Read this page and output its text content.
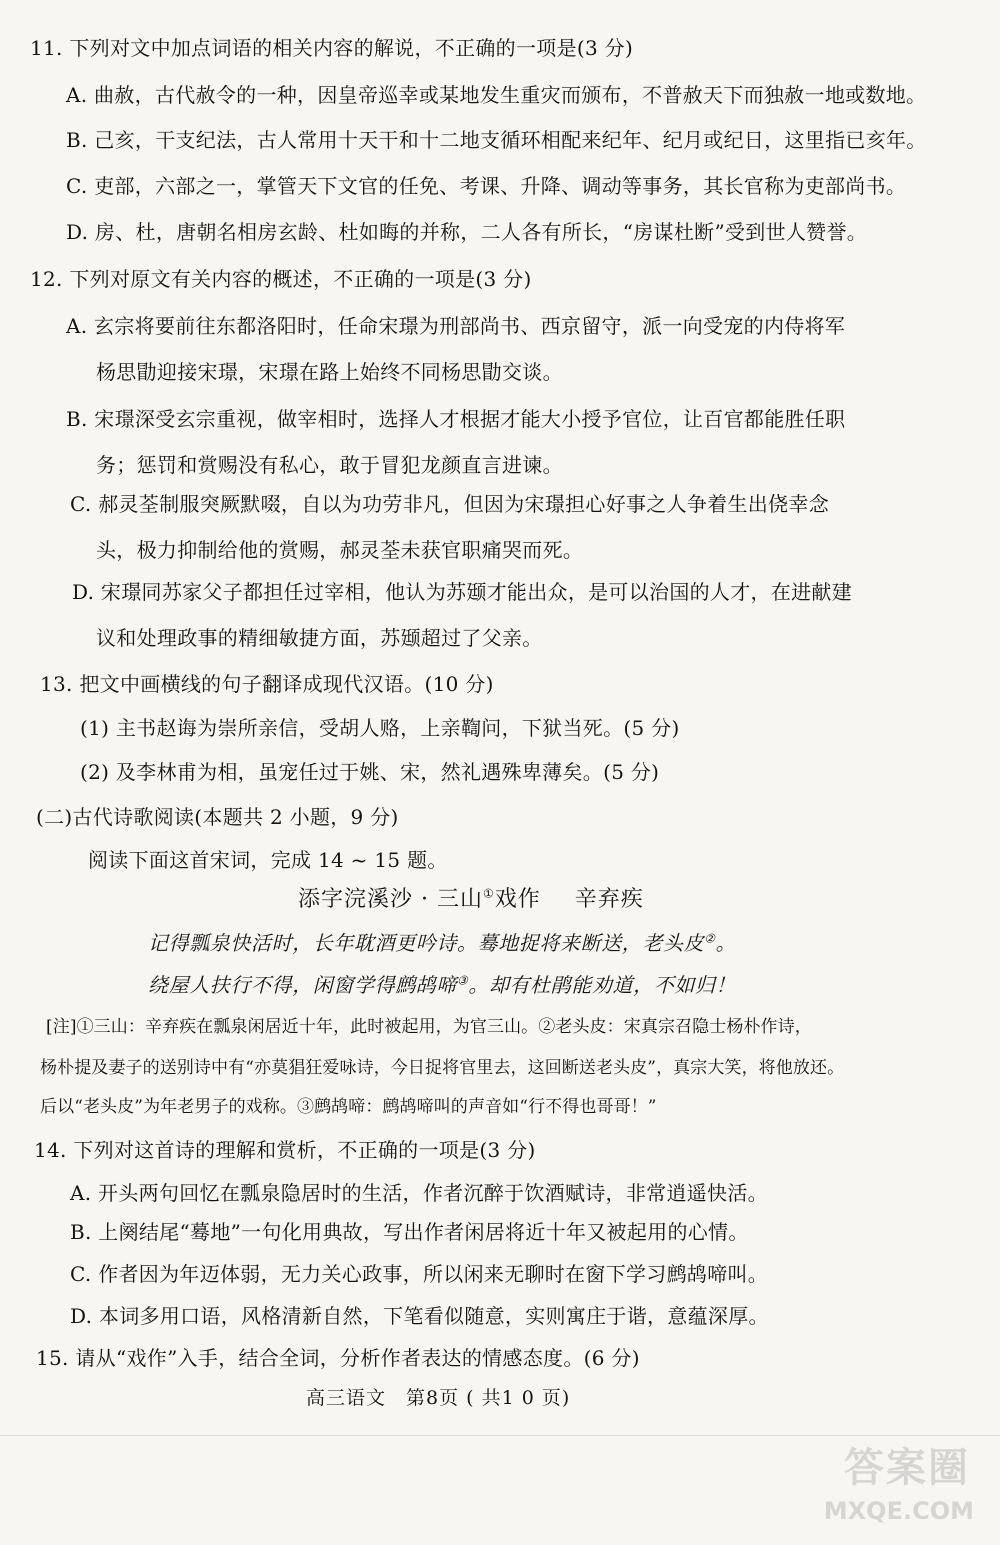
11. 下列对文中加点词语的相关内容的解说，不正确的一项是(3 分)

A. 曲赦，古代赦令的一种，因皇帝巡幸或某地发生重灾而颁布，不普赦天下而独赦一地或数地。

B. 己亥，干支纪法，古人常用十天干和十二地支循环相配来纪年、纪月或纪日，这里指已亥年。

C. 吏部，六部之一，掌管天下文官的任免、考课、升降、调动等事务，其长官称为吏部尚书。

D. 房、杜，唐朝名相房玄龄、杜如晦的并称，二人各有所长，“房谋杜断”受到世人赞誉。

12. 下列对原文有关内容的概述，不正确的一项是(3 分)

A. 玄宗将要前往东都洛阳时，任命宋璟为刑部尚书、西京留守，派一向受宠的内侍将军

杨思勖迎接宋璟，宋璟在路上始终不同杨思勖交谈。

B. 宋璟深受玄宗重视，做宰相时，选择人才根据才能大小授予官位，让百官都能胜任职

务；惩罚和赏赐没有私心，敢于冒犯龙颜直言进谏。

C. 郝灵荃制服突厥默啜，自以为功劳非凡，但因为宋璟担心好事之人争着生出侥幸念

头，极力抑制给他的赏赐，郝灵荃未获官职痛哭而死。

D. 宋璟同苏家父子都担任过宰相，他认为苏颋才能出众，是可以治国的人才，在进献建

议和处理政事的精细敏捷方面，苏颋超过了父亲。

13. 把文中画横线的句子翻译成现代汉语。(10 分)

(1) 主书赵诲为崇所亲信，受胡人赂，上亲鞫问，下狱当死。(5 分)

(2) 及李林甫为相，虽宠任过于姚、宋，然礼遇殊卑薄矣。(5 分)

(二)古代诗歌阅读(本题共 2 小题，9 分)

阅读下面这首宋词，完成 14 ~ 15 题。

添字浣溪沙 · 三山①戏作 辛弃疾

记得瓢泉快活时，长年耽酒更吟诗。蓦地捉将来断送，老头皮②。

绕屋人扶行不得，闲窗学得鹧鸪啼③。却有杜鹃能劝道，不如归！

[注]①三山：辛弃疾在瓢泉闲居近十年，此时被起用，为官三山。②老头皮：宋真宗召隐士杨朴作诗，

杨朴提及妻子的送别诗中有“亦莫猖狂爱咏诗，今日捉将官里去，这回断送老头皮”，真宗大笑，将他放还。

后以“老头皮”为年老男子的戏称。③鹧鸪啼：鹧鸪啼叫的声音如“行不得也哥哥！”

14. 下列对这首诗的理解和赏析，不正确的一项是(3 分)

A. 开头两句回忆在瓢泉隐居时的生活，作者沉醉于饮酒赋诗，非常逍遥快活。

B. 上阕结尾“蓦地”一句化用典故，写出作者闲居将近十年又被起用的心情。

C. 作者因为年迈体弱，无力关心政事，所以闲来无聊时在窗下学习鹧鸪啼叫。

D. 本词多用口语，风格清新自然，下笔看似随意，实则寓庄于谐，意蕴深厚。

15. 请从“戏作”入手，结合全词，分析作者表达的情感态度。(6 分)

高三语文　第8页 ( 共1 0 页)

答案圈
MXQE.COM
